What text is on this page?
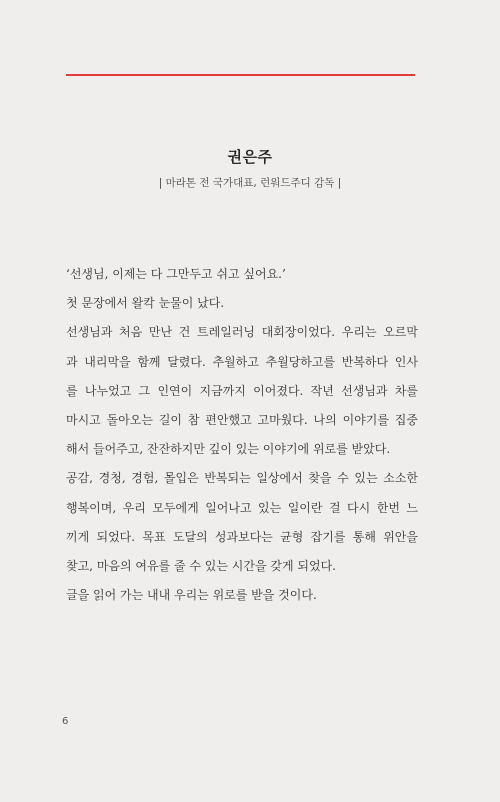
권은주
| 마라톤 전 국가대표, 런워드주디 감독 |
‘선생님, 이제는 다 그만두고 쉬고 싶어요.’
첫 문장에서 왈칵 눈물이 났다.
선생님과 처음 만난 건 트레일러닝 대회장이었다. 우리는 오르막
과 내리막을 함께 달렸다. 추월하고 추월당하고를 반복하다 인사
를 나누었고 그 인연이 지금까지 이어졌다. 작년 선생님과 차를
마시고 돌아오는 길이 참 편안했고 고마웠다. 나의 이야기를 집중
해서 들어주고, 잔잔하지만 깊이 있는 이야기에 위로를 받았다.
공감, 경청, 경험, 몰입은 반복되는 일상에서 찾을 수 있는 소소한
행복이며, 우리 모두에게 일어나고 있는 일이란 걸 다시 한번 느
끼게 되었다. 목표 도달의 성과보다는 균형 잡기를 통해 위안을
찾고, 마음의 여유를 줄 수 있는 시간을 갖게 되었다.
글을 읽어 가는 내내 우리는 위로를 받을 것이다.
6
